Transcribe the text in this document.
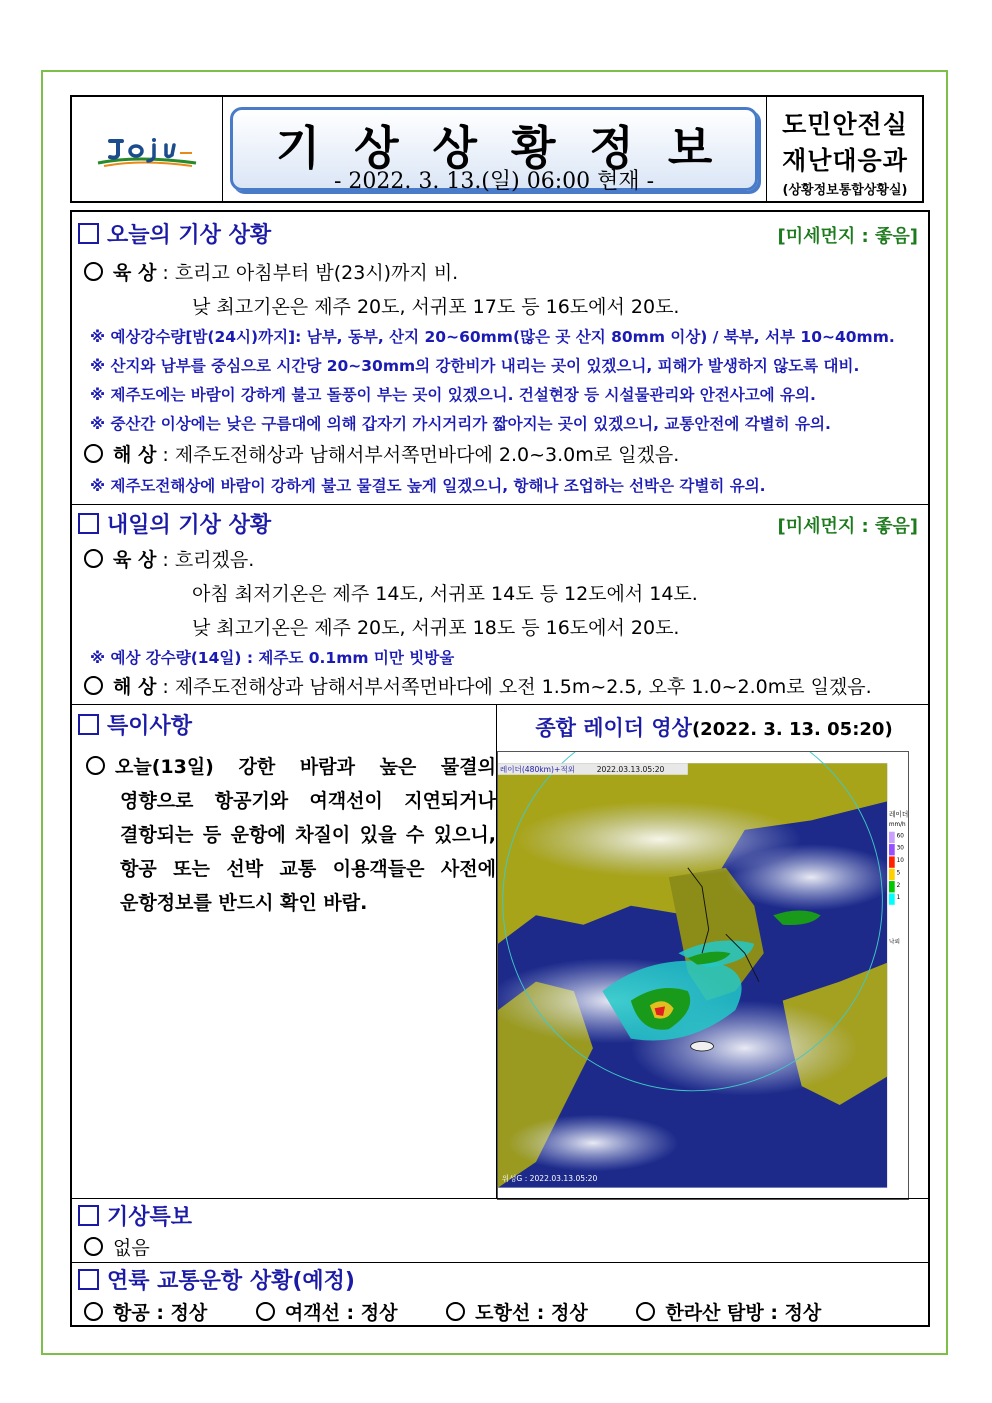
기상상황정보
- 2022. 3. 13.(일) 06:00 현재 -
도민안전실
재난대응과
(상황정보통합상황실)
오늘의 기상 상황	[미세먼지 : 좋음]
육 상 : 흐리고 아침부터 밤(23시)까지 비.
낮 최고기온은 제주 20도, 서귀포 17도 등 16도에서 20도.
※ 예상강수량[밤(24시)까지]: 남부, 동부, 산지 20~60mm(많은 곳 산지 80mm 이상) / 북부, 서부 10~40mm.
※ 산지와 남부를 중심으로 시간당 20~30mm의 강한비가 내리는 곳이 있겠으니, 피해가 발생하지 않도록 대비.
※ 제주도에는 바람이 강하게 불고 돌풍이 부는 곳이 있겠으니. 건설현장 등 시설물관리와 안전사고에 유의.
※ 중산간 이상에는 낮은 구름대에 의해 갑자기 가시거리가 짧아지는 곳이 있겠으니, 교통안전에 각별히 유의.
해 상 : 제주도전해상과 남해서부서쪽먼바다에 2.0~3.0m로 일겠음.
※ 제주도전해상에 바람이 강하게 불고 물결도 높게 일겠으니, 항해나 조업하는 선박은 각별히 유의.
내일의 기상 상황	[미세먼지 : 좋음]
육 상 : 흐리겠음.
아침 최저기온은 제주 14도, 서귀포 14도 등 12도에서 14도.
낮 최고기온은 제주 20도, 서귀포 18도 등 16도에서 20도.
※ 예상 강수량(14일) : 제주도 0.1mm 미만 빗방울
해 상 : 제주도전해상과 남해서부서쪽먼바다에 오전 1.5m~2.5, 오후 1.0~2.0m로 일겠음.
특이사항
오늘(13일) 강한 바람과 높은 물결의
영향으로 항공기와 여객선이 지연되거나
결항되는 등 운항에 차질이 있을 수 있으니,
항공 또는 선박 교통 이용객들은 사전에
운항정보를 반드시 확인 바람.
종합 레이더 영상(2022. 3. 13. 05:20)
레이더(480km)+적외	2022.03.13.05:20
위성G : 2022.03.13.05:20
레이더
mm/h
60
30
10
5
2
1
낙뢰
기상특보
없음
연륙 교통운항 상황(예정)
항공 : 정상	여객선 : 정상	도항선 : 정상	한라산 탐방 : 정상
